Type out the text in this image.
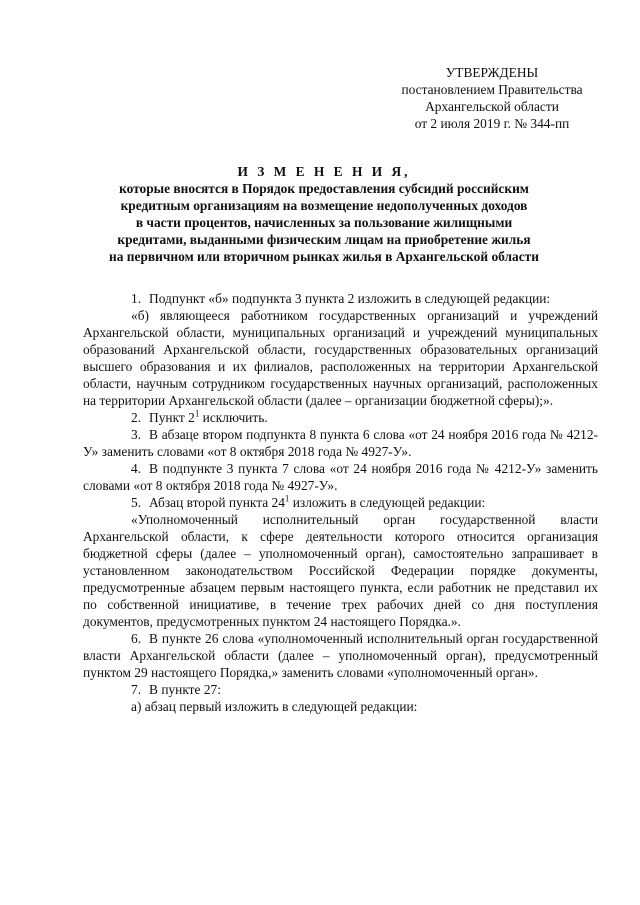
УТВЕРЖДЕНЫ
постановлением Правительства
Архангельской области
от 2 июля 2019 г. № 344-пп
И З М Е Н Е Н И Я,
которые вносятся в Порядок предоставления субсидий российским
кредитным организациям на возмещение недополученных доходов
в части процентов, начисленных за пользование жилищными
кредитами, выданными физическим лицам на приобретение жилья
на первичном или вторичном рынках жилья в Архангельской области

1. Подпункт «б» подпункта 3 пункта 2 изложить в следующей редакции:

«б) являющееся работником государственных организаций и учреждений Архангельской области, муниципальных организаций и учреждений муниципальных образований Архангельской области, государственных образовательных организаций высшего образования и их филиалов, расположенных на территории Архангельской области, научным сотрудником государственных научных организаций, расположенных на территории Архангельской области (далее – организации бюджетной сферы);».

2. Пункт $2^1$ исключить.

3. В абзаце втором подпункта 8 пункта 6 слова «от 24 ноября 2016 года № 4212-У» заменить словами «от 8 октября 2018 года № 4927-У».

4. В подпункте 3 пункта 7 слова «от 24 ноября 2016 года № 4212-У» заменить словами «от 8 октября 2018 года № 4927-У».

5. Абзац второй пункта $24^1$ изложить в следующей редакции:

«Уполномоченный исполнительный орган государственной власти Архангельской области, к сфере деятельности которого относится организация бюджетной сферы (далее – уполномоченный орган), самостоятельно запрашивает в установленном законодательством Российской Федерации порядке документы, предусмотренные абзацем первым настоящего пункта, если работник не представил их по собственной инициативе, в течение трех рабочих дней со дня поступления документов, предусмотренных пунктом 24 настоящего Порядка.».

6. В пункте 26 слова «уполномоченный исполнительный орган государственной власти Архангельской области (далее – уполномоченный орган), предусмотренный пунктом 29 настоящего Порядка,» заменить словами «уполномоченный орган».

7. В пункте 27:

а) абзац первый изложить в следующей редакции:
